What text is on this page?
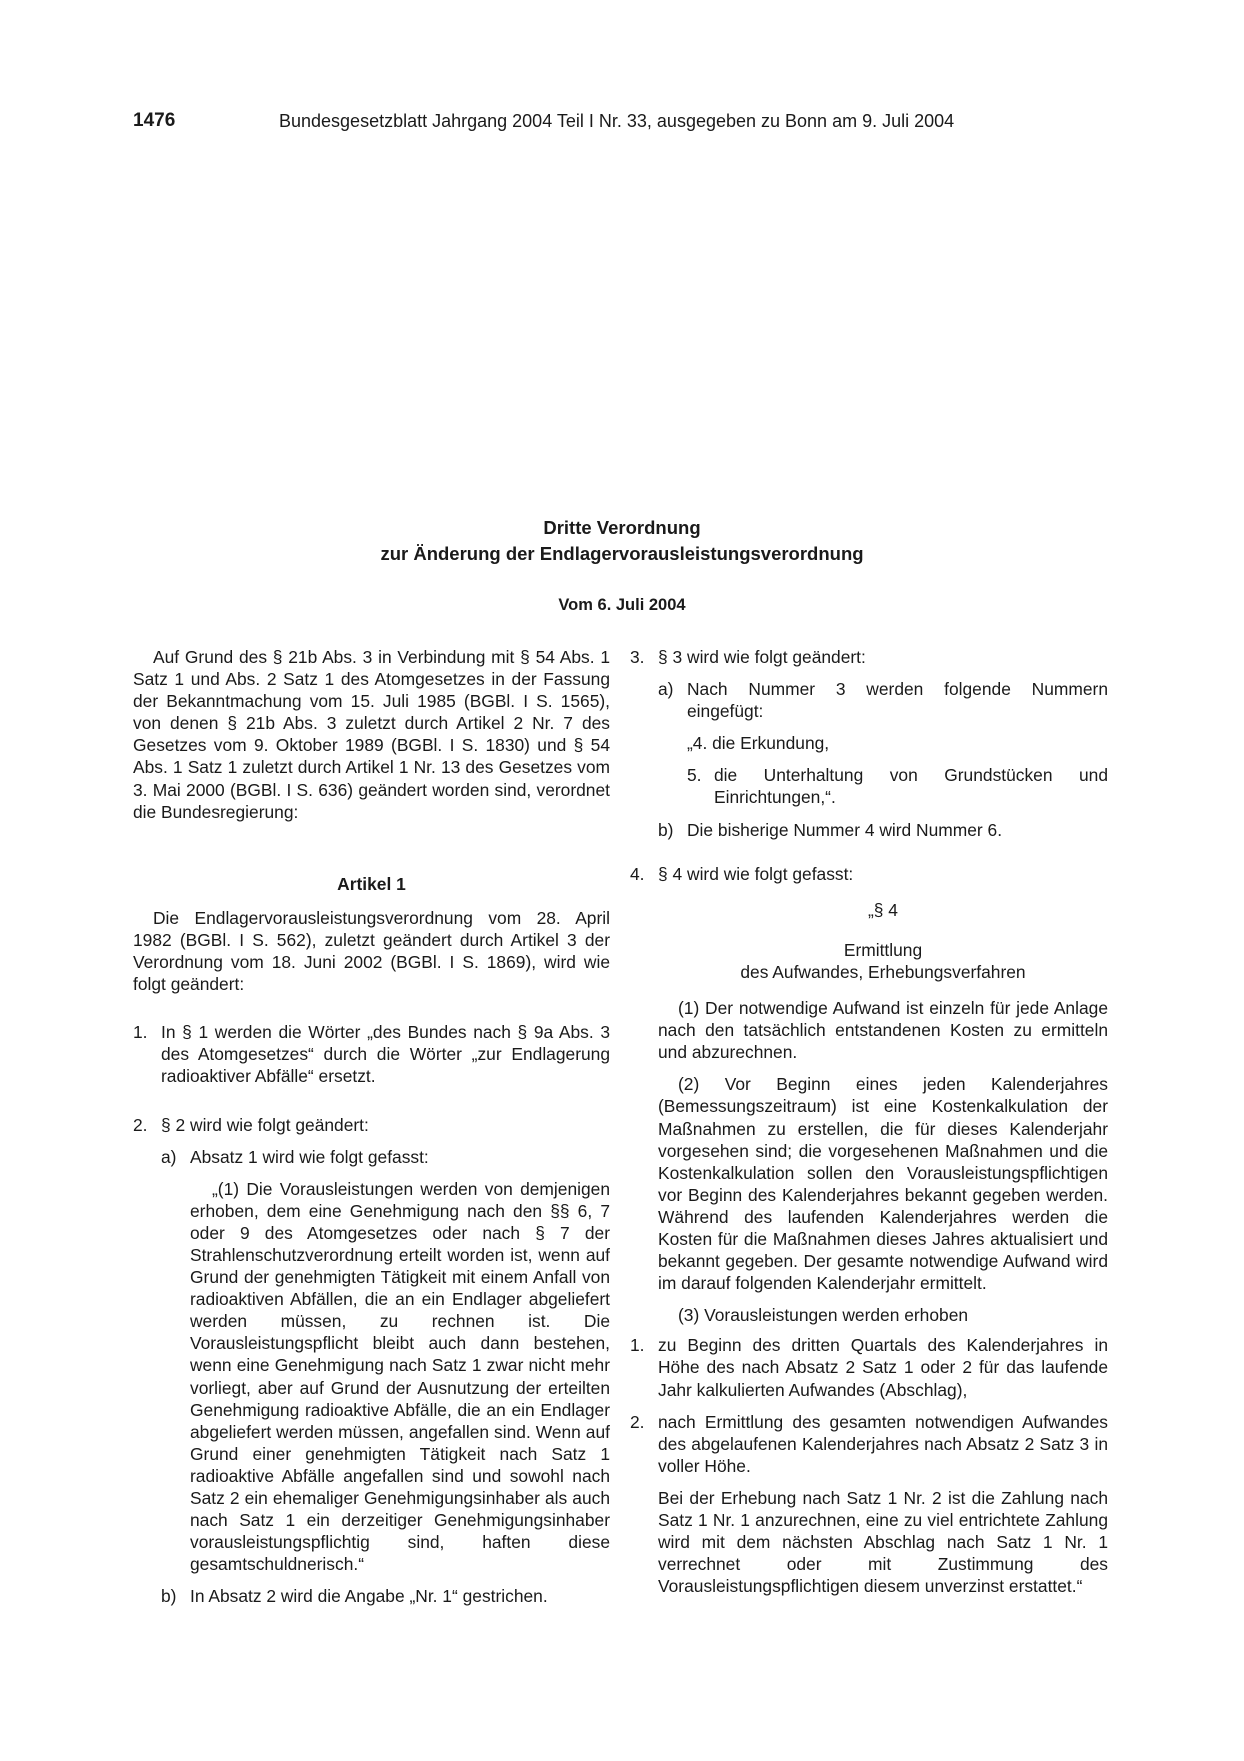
1476	Bundesgesetzblatt Jahrgang 2004 Teil I Nr. 33, ausgegeben zu Bonn am 9. Juli 2004
Dritte Verordnung
zur Änderung der Endlagervorausleistungsverordnung
Vom 6. Juli 2004

Auf Grund des § 21b Abs. 3 in Verbindung mit § 54 Abs. 1 Satz 1 und Abs. 2 Satz 1 des Atomgesetzes in der Fassung der Bekanntmachung vom 15. Juli 1985 (BGBl. I S. 1565), von denen § 21b Abs. 3 zuletzt durch Artikel 2 Nr. 7 des Gesetzes vom 9. Oktober 1989 (BGBl. I S. 1830) und § 54 Abs. 1 Satz 1 zuletzt durch Artikel 1 Nr. 13 des Gesetzes vom 3. Mai 2000 (BGBl. I S. 636) geändert worden sind, verordnet die Bundesregierung:

Artikel 1

Die Endlagervorausleistungsverordnung vom 28. April 1982 (BGBl. I S. 562), zuletzt geändert durch Artikel 3 der Verordnung vom 18. Juni 2002 (BGBl. I S. 1869), wird wie folgt geändert:

1. In § 1 werden die Wörter „des Bundes nach § 9a Abs. 3 des Atomgesetzes“ durch die Wörter „zur Endlagerung radioaktiver Abfälle“ ersetzt.

2. § 2 wird wie folgt geändert:

a) Absatz 1 wird wie folgt gefasst:

„(1) Die Vorausleistungen werden von demjenigen erhoben, dem eine Genehmigung nach den §§ 6, 7 oder 9 des Atomgesetzes oder nach § 7 der Strahlenschutzverordnung erteilt worden ist, wenn auf Grund der genehmigten Tätigkeit mit einem Anfall von radioaktiven Abfällen, die an ein Endlager abgeliefert werden müssen, zu rechnen ist. Die Vorausleistungspflicht bleibt auch dann bestehen, wenn eine Genehmigung nach Satz 1 zwar nicht mehr vorliegt, aber auf Grund der Ausnutzung der erteilten Genehmigung radioaktive Abfälle, die an ein Endlager abgeliefert werden müssen, angefallen sind. Wenn auf Grund einer genehmigten Tätigkeit nach Satz 1 radioaktive Abfälle angefallen sind und sowohl nach Satz 2 ein ehemaliger Genehmigungsinhaber als auch nach Satz 1 ein derzeitiger Genehmigungsinhaber vorausleistungspflichtig sind, haften diese gesamtschuldnerisch.“

b) In Absatz 2 wird die Angabe „Nr. 1“ gestrichen.

3. § 3 wird wie folgt geändert:

a) Nach Nummer 3 werden folgende Nummern eingefügt:

„4. die Erkundung,

5. die Unterhaltung von Grundstücken und Einrichtungen,“.

b) Die bisherige Nummer 4 wird Nummer 6.

4. § 4 wird wie folgt gefasst:

„§ 4

Ermittlung

des Aufwandes, Erhebungsverfahren

(1) Der notwendige Aufwand ist einzeln für jede Anlage nach den tatsächlich entstandenen Kosten zu ermitteln und abzurechnen.

(2) Vor Beginn eines jeden Kalenderjahres (Bemessungszeitraum) ist eine Kostenkalkulation der Maßnahmen zu erstellen, die für dieses Kalenderjahr vorgesehen sind; die vorgesehenen Maßnahmen und die Kostenkalkulation sollen den Vorausleistungspflichtigen vor Beginn des Kalenderjahres bekannt gegeben werden. Während des laufenden Kalenderjahres werden die Kosten für die Maßnahmen dieses Jahres aktualisiert und bekannt gegeben. Der gesamte notwendige Aufwand wird im darauf folgenden Kalenderjahr ermittelt.

(3) Vorausleistungen werden erhoben

1. zu Beginn des dritten Quartals des Kalenderjahres in Höhe des nach Absatz 2 Satz 1 oder 2 für das laufende Jahr kalkulierten Aufwandes (Abschlag),

2. nach Ermittlung des gesamten notwendigen Aufwandes des abgelaufenen Kalenderjahres nach Absatz 2 Satz 3 in voller Höhe.

Bei der Erhebung nach Satz 1 Nr. 2 ist die Zahlung nach Satz 1 Nr. 1 anzurechnen, eine zu viel entrichtete Zahlung wird mit dem nächsten Abschlag nach Satz 1 Nr. 1 verrechnet oder mit Zustimmung des Vorausleistungspflichtigen diesem unverzinst erstattet.“
